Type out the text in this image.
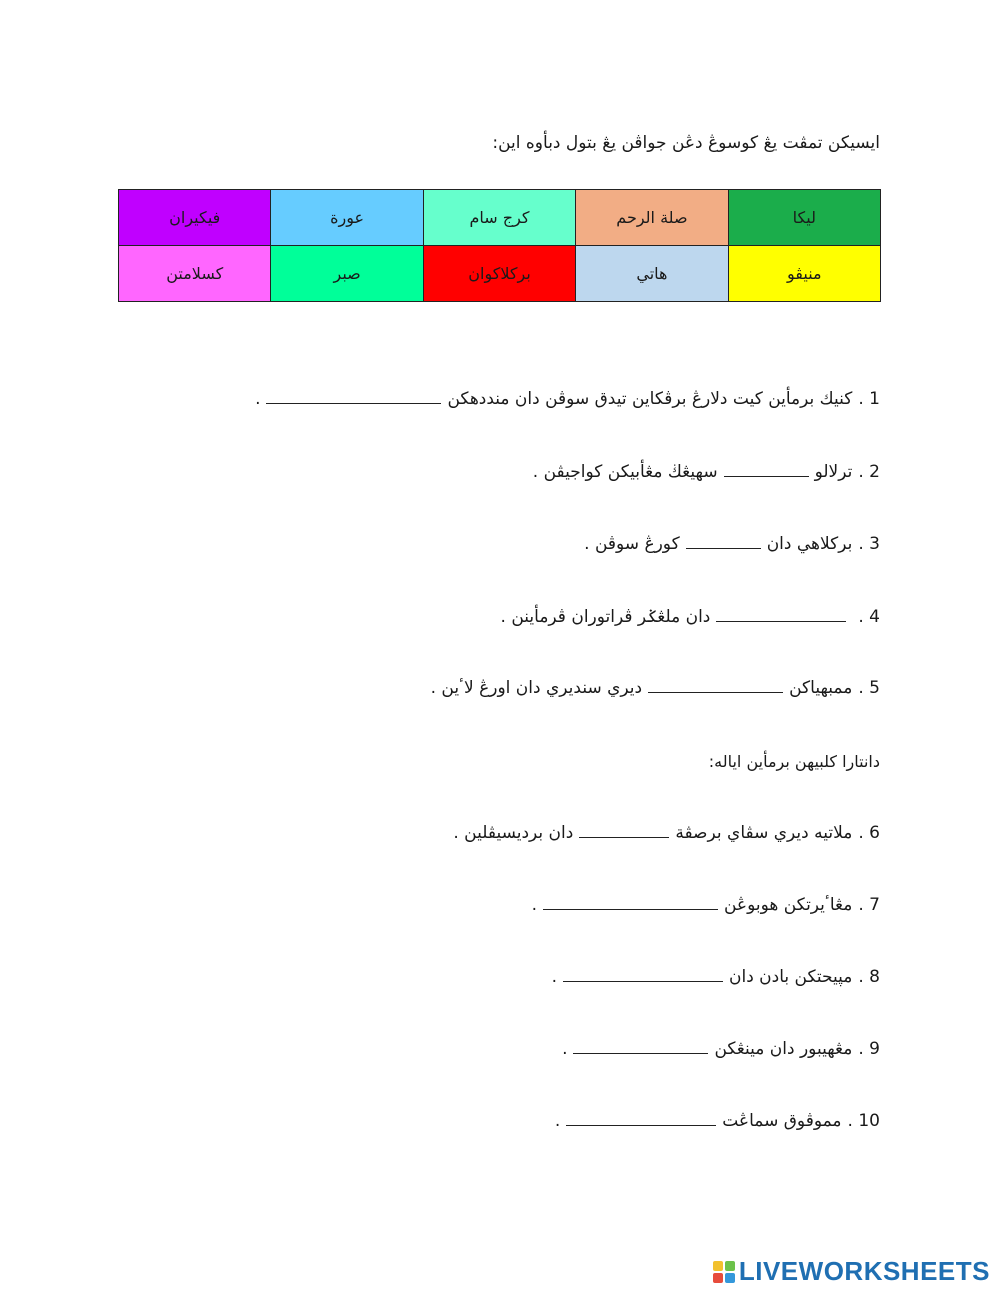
ايسيكن تمڤت يڠ كوسوڠ دڠن جواڤن يڠ بتول دبأوه اين:
ليكا	صلة الرحم	كرج سام	عورة	فيكيران
منيڤو	هاتي	بركلاكوان	صبر	كسلامتن
1 .كنيك برمأين كيت دلارڠ برڤكاين تيدق سوڤن دان منددهكن.
2 .ترلالوسهيڠڬ مڠأبيكن كواجيڤن .
3 .بركلاهي دانكورڠ سوڤن .
4 .دان ملڠݢر ڤراتوران ڤرمأينن .
5 .ممبهياكنديري سنديري دان اورڠ لاٴين .
دانتارا كلبيهن برمأين اياله:
6 .ملاتيه ديري سڤاي برصڤةدان برديسيڤلين .
7 .مڠاٴيرتكن هوبوڠن.
8 .مپيحتكن بادن دان.
9 .مڠهيبور دان مينڠكن.
10 .مموڤوق سماڠت.
LIVEWORKSHEETS
